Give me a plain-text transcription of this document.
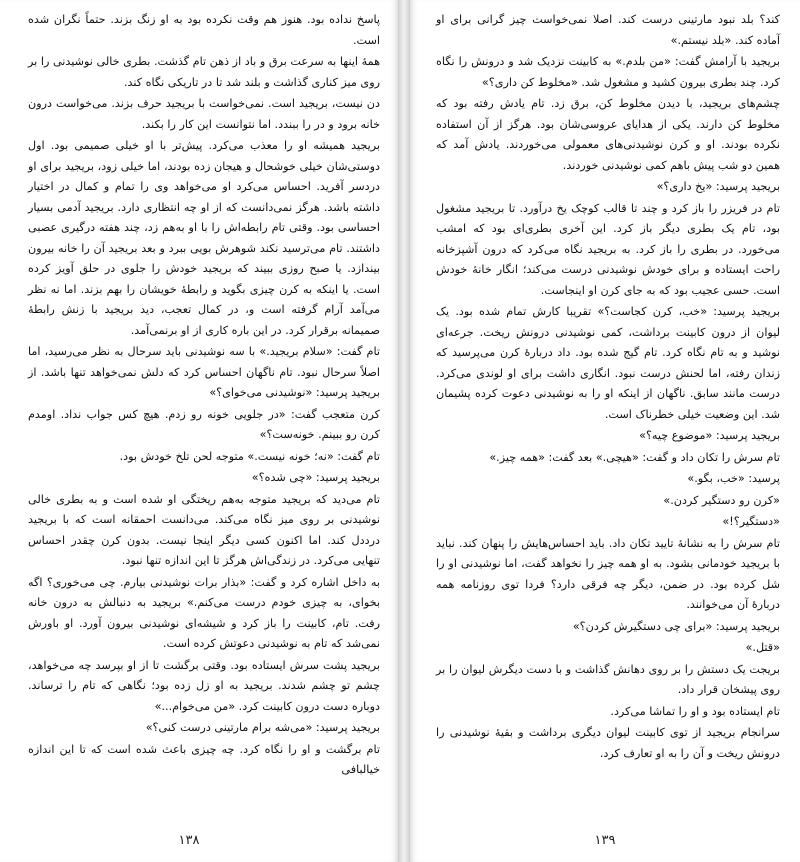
پاسخ نداده بود. هنوز هم وقت نکرده بود به او زنگ بزند. حتماً نگران شده است.

همهٔ اینها به سرعت برق و باد از ذهن تام گذشت. بطری خالی نوشیدنی را بر روی میز کناری گذاشت و بلند شد تا در تاریکی نگاه کند.

دن نیست، بریجید است. نمی‌خواست با بریجید حرف بزند. می‌خواست درون خانه برود و در را ببندد. اما نتوانست این کار را بکند.

بریجید همیشه او را معذب می‌کرد. پیش‌تر با او خیلی صمیمی بود. اول دوستی‌شان خیلی خوشحال و هیجان زده بودند، اما خیلی زود، بریجید برای او دردسر آفرید. احساس می‌کرد او می‌خواهد وی را تمام و کمال در اختیار داشته باشد. هرگز نمی‌دانست که از او چه انتظاری دارد. بریجید آدمی بسیار احساسی بود. وقتی تام رابطه‌اش را با او به‌هم زد، چند هفته درگیری عصبی داشتند. تام می‌ترسید نکند شوهرش بویی ببرد و بعد بریجید آن را خانه بیرون بیندازد. یا صبح روزی ببیند که بریجید خودش را جلوی در حلق آویز کرده است. یا اینکه به کرن چیزی بگوید و رابطهٔ خویشان را بهم بزند. اما نه نظر می‌آمد آرام گرفته است و، در کمال تعجب، دید بریجید با زنش رابطهٔ صمیمانه برقرار کرد. در این باره کاری از او برنمی‌آمد.

تام گفت: «سلام بریجید.» با سه نوشیدنی باید سرحال به نظر می‌رسید، اما اصلاً سرحال نبود. تام ناگهان احساس کرد که دلش نمی‌خواهد تنها باشد. از بریجید پرسید: «نوشیدنی می‌خوای؟»

کرن متعجب گفت: «در جلویی خونه رو زدم. هیچ کس جواب نداد. اومدم کرن رو ببینم. خونه‌ست؟»

تام گفت: «نه؛ خونه نیست.» متوجه لحن تلخ خودش بود.

بریجید پرسید: «چی شده؟»

تام می‌دید که بریجید متوجه به‌هم ریختگی او شده است و به بطری خالی نوشیدنی بر روی میز نگاه می‌کند. می‌دانست احمقانه است که با بریجید درددل کند. اما اکنون کسی دیگر اینجا نیست. بدون کرن چقدر احساس تنهایی می‌کرد. در زندگی‌اش هرگز تا این اندازه تنها نبود.

به داخل اشاره کرد و گفت: «بذار برات نوشیدنی بیارم. چی می‌خوری؟ اگه بخوای، به چیزی خودم درست می‌کنم.» بریجید به دنبالش به درون خانه رفت. تام، کابینت را باز کرد و شیشه‌ای نوشیدنی بیرون آورد. او باورش نمی‌شد که تام به نوشیدنی دعوتش کرده است.

بریجید پشت سرش ایستاده بود. وقتی برگشت تا از او بپرسد چه می‌خواهد، چشم تو چشم شدند. بریجید به او زل زده بود؛ نگاهی که تام را ترساند. دوباره دست درون کابینت کرد. «من می‌خوام...»

بریجید پرسید: «می‌شه برام مارتینی درست کنی؟»

تام برگشت و او را نگاه کرد. چه چیزی باعث شده است که تا این اندازه خیالبافی

۱۳۸

کند؟ بلد نبود مارتینی درست کند. اصلا نمی‌خواست چیز گرانی برای او آماده کند. «بلد نیستم.»

بریجید با آرامش گفت: «من بلدم.» به کابینت نزدیک شد و درونش را نگاه کرد. چند بطری بیرون کشید و مشغول شد. «مخلوط کن داری؟»

چشم‌های بریجید، با دیدن مخلوط کن، برق زد. تام یادش رفته بود که مخلوط کن دارند. یکی از هدایای عروسی‌شان بود. هرگز از آن استفاده نکرده بودند. او و کرن نوشیدنی‌های معمولی می‌خوردند. یادش آمد که همین دو شب پیش باهم کمی نوشیدنی خوردند.

بریجید پرسید: «یخ داری؟»

تام در فریزر را باز کرد و چند تا قالب کوچک یخ درآورد. تا بریجید مشغول بود، تام یک بطری دیگر باز کرد. این آخری بطری‌ای بود که امشب می‌خورد. در بطری را باز کرد. به بریجید نگاه می‌کرد که درون آشپزخانه راحت ایستاده و برای خودش نوشیدنی درست می‌کند؛ انگار خانهٔ خودش است. حسی عجیب بود که به جای کرن او اینجاست.

بریجید پرسید: «خب، کرن کجاست؟» تقریبا کارش تمام شده بود. یک لیوان از درون کابینت برداشت، کمی نوشیدنی درونش ریخت. جرعه‌ای نوشید و به تام نگاه کرد. تام گیج شده بود. داد دربارهٔ کرن می‌پرسید که زندان رفته، اما لحنش درست نبود. انگاری داشت برای او لوندی می‌کرد. درست مانند سابق. ناگهان از اینکه او را به نوشیدنی دعوت کرده پشیمان شد. این وضعیت خیلی خطرناک است.

بریجید پرسید: «موضوع چیه؟»

تام سرش را تکان داد و گفت: «هیچی.» بعد گفت: «همه چیز.»

پرسید: «خب، بگو.»

«کرن رو دستگیر کردن.»

«دستگیر؟!»

تام سرش را به نشانهٔ تایید تکان داد. باید احساس‌هایش را پنهان کند. نباید با بریجید خودمانی بشود. به او همه چیز را نخواهد گفت، اما نوشیدنی او را شل کرده بود. در ضمن، دیگر چه فرقی دارد؟ فردا توی روزنامه همه دربارهٔ آن می‌خوانند.

بریجید پرسید: «برای چی دستگیرش کردن؟»

«قتل.»

بریجت یک دستش را بر روی دهانش گذاشت و با دست دیگرش لیوان را بر روی پیشخان قرار داد.

تام ایستاده بود و او را تماشا می‌کرد.

سرانجام بریجید از توی کابینت لیوان دیگری برداشت و بقیهٔ نوشیدنی را درونش ریخت و آن را به او تعارف کرد.

۱۳۹
